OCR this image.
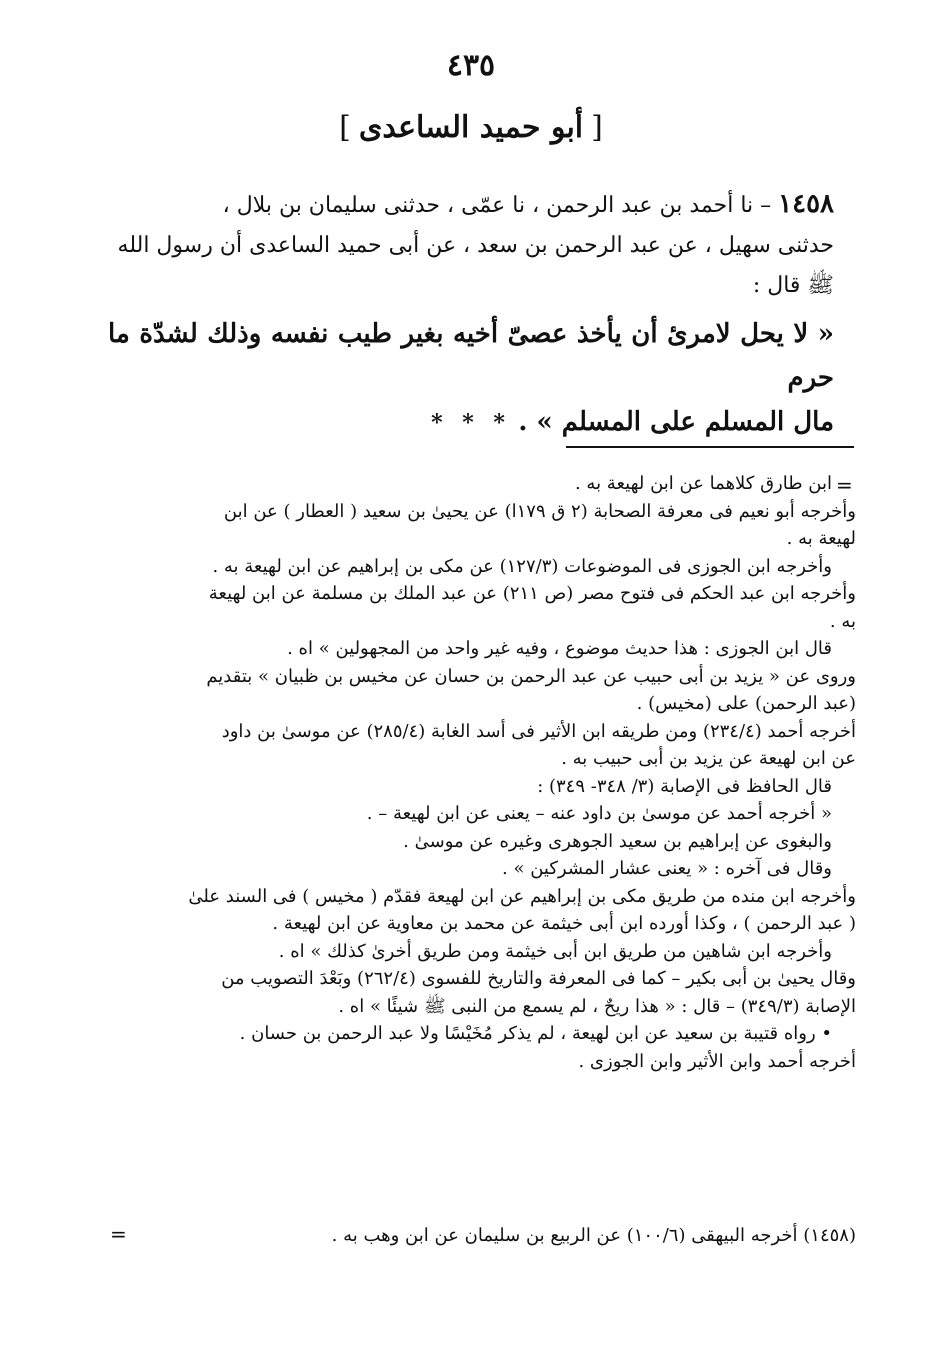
٤٣٥
[أبو حميد الساعدى]

١٤٥٨ – نا أحمد بن عبد الرحمن ، نا عمّى ، حدثنى سليمان بن بلال ،
حدثنى سهيل ، عن عبد الرحمن بن سعد ، عن أبى حميد الساعدى أن رسول الله
ﷺ قال :

« لا يحل لامرئ أن يأخذ عصىّ أخيه بغير طيب نفسه وذلك لشدّة ما حرم
مال المسلم على المسلم » .

* * *
=
ابن طارق كلاهما عن ابن لهيعة به .
وأخرجه أبو نعيم فى معرفة الصحابة (٢ ق ١٧٩ا) عن يحيىٰ بن سعيد ( العطار ) عن ابن
لهيعة به .
وأخرجه ابن الجوزى فى الموضوعات (١٢٧/٣) عن مكى بن إبراهيم عن ابن لهيعة به .
وأخرجه ابن عبد الحكم فى فتوح مصر (ص ٢١١) عن عبد الملك بن مسلمة عن ابن لهيعة
به .
قال ابن الجوزى : هذا حديث موضوع ، وفيه غير واحد من المجهولين » اه .
وروى عن « يزيد بن أبى حبيب عن عبد الرحمن بن حسان عن مخيس بن ظبيان » بتقديم
(عبد الرحمن) على (مخيس) .
أخرجه أحمد (٢٣٤/٤) ومن طريقه ابن الأثير فى أسد الغابة (٢٨٥/٤) عن موسىٰ بن داود
عن ابن لهيعة عن يزيد بن أبى حبيب به .
قال الحافظ فى الإصابة (٣/ ٣٤٨- ٣٤٩) :
« أخرجه أحمد عن موسىٰ بن داود عنه – يعنى عن ابن لهيعة – .
والبغوى عن إبراهيم بن سعيد الجوهرى وغيره عن موسىٰ .
وقال فى آخره : « يعنى عشار المشركين » .
وأخرجه ابن منده من طريق مكى بن إبراهيم عن ابن لهيعة فقدّم ( مخيس ) فى السند علىٰ
( عبد الرحمن ) ، وكذا أورده ابن أبى خيثمة عن محمد بن معاوية عن ابن لهيعة .
وأخرجه ابن شاهين من طريق ابن أبى خيثمة ومن طريق أخرىٰ كذلك » اه .
وقال يحيىٰ بن أبى بكير – كما فى المعرفة والتاريخ للفسوى (٢٦٢/٤) وبَعْدَ التصويب من
الإصابة (٣٤٩/٣) – قال : « هذا ريحٌ ، لم يسمع من النبى ﷺ شيئًا » اه .
• رواه قتيبة بن سعيد عن ابن لهيعة ، لم يذكر مُخَيْسًا ولا عبد الرحمن بن حسان .
أخرجه أحمد وابن الأثير وابن الجوزى .
(١٤٥٨) أخرجه البيهقى (١٠٠/٦) عن الربيع بن سليمان عن ابن وهب به .
=
